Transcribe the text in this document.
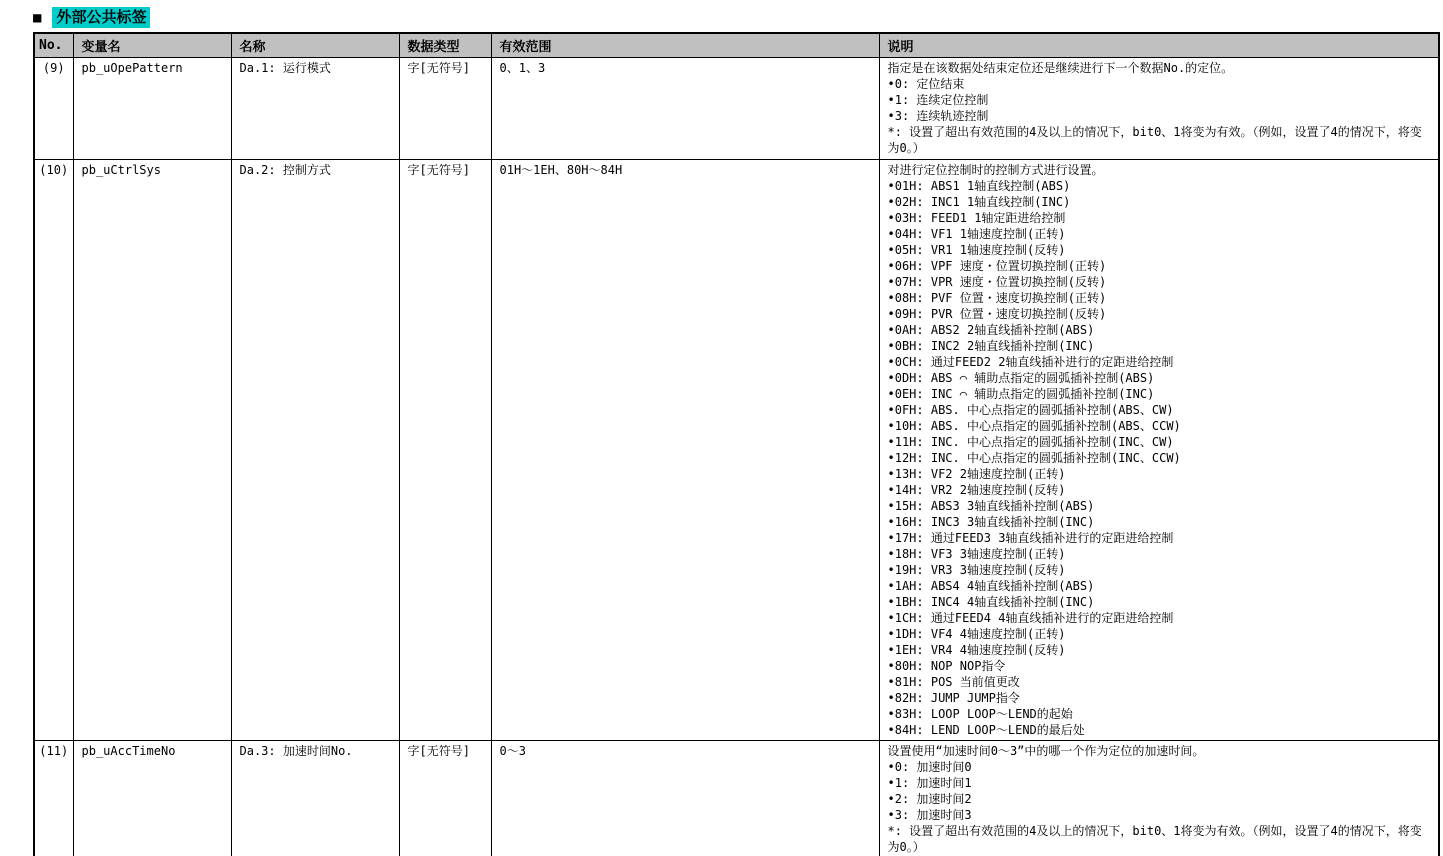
■ 外部公共标签
No.	变量名	名称	数据类型	有效范围	说明
(9)	pb_uOpePattern	Da.1: 运行模式	字[无符号]	0、1、3	指定是在该数据处结束定位还是继续进行下一个数据No.的定位。
•0: 定位结束
•1: 连续定位控制
•3: 连续轨迹控制
*: 设置了超出有效范围的4及以上的情况下，bit0、1将变为有效。（例如，设置了4的情况下，将变为0。）

(10)	pb_uCtrlSys	Da.2: 控制方式	字[无符号]	01H～1EH、80H～84H	对进行定位控制时的控制方式进行设置。
•01H: ABS1 1轴直线控制(ABS)
•02H: INC1 1轴直线控制(INC)
•03H: FEED1 1轴定距进给控制
•04H: VF1 1轴速度控制(正转)
•05H: VR1 1轴速度控制(反转)
•06H: VPF 速度・位置切换控制(正转)
•07H: VPR 速度・位置切换控制(反转)
•08H: PVF 位置・速度切换控制(正转)
•09H: PVR 位置・速度切换控制(反转)
•0AH: ABS2 2轴直线插补控制(ABS)
•0BH: INC2 2轴直线插补控制(INC)
•0CH: 通过FEED2 2轴直线插补进行的定距进给控制
•0DH: ABS ⌒ 辅助点指定的圆弧插补控制(ABS)
•0EH: INC ⌒ 辅助点指定的圆弧插补控制(INC)
•0FH: ABS. 中心点指定的圆弧插补控制(ABS、CW)
•10H: ABS. 中心点指定的圆弧插补控制(ABS、CCW)
•11H: INC. 中心点指定的圆弧插补控制(INC、CW)
•12H: INC. 中心点指定的圆弧插补控制(INC、CCW)
•13H: VF2 2轴速度控制(正转)
•14H: VR2 2轴速度控制(反转)
•15H: ABS3 3轴直线插补控制(ABS)
•16H: INC3 3轴直线插补控制(INC)
•17H: 通过FEED3 3轴直线插补进行的定距进给控制
•18H: VF3 3轴速度控制(正转)
•19H: VR3 3轴速度控制(反转)
•1AH: ABS4 4轴直线插补控制(ABS)
•1BH: INC4 4轴直线插补控制(INC)
•1CH: 通过FEED4 4轴直线插补进行的定距进给控制
•1DH: VF4 4轴速度控制(正转)
•1EH: VR4 4轴速度控制(反转)
•80H: NOP NOP指令
•81H: POS 当前值更改
•82H: JUMP JUMP指令
•83H: LOOP LOOP～LEND的起始
•84H: LEND LOOP～LEND的最后处

(11)	pb_uAccTimeNo	Da.3: 加速时间No.	字[无符号]	0～3	设置使用“加速时间0～3”中的哪一个作为定位的加速时间。
•0: 加速时间0
•1: 加速时间1
•2: 加速时间2
•3: 加速时间3
*: 设置了超出有效范围的4及以上的情况下，bit0、1将变为有效。（例如，设置了4的情况下，将变为0。）
